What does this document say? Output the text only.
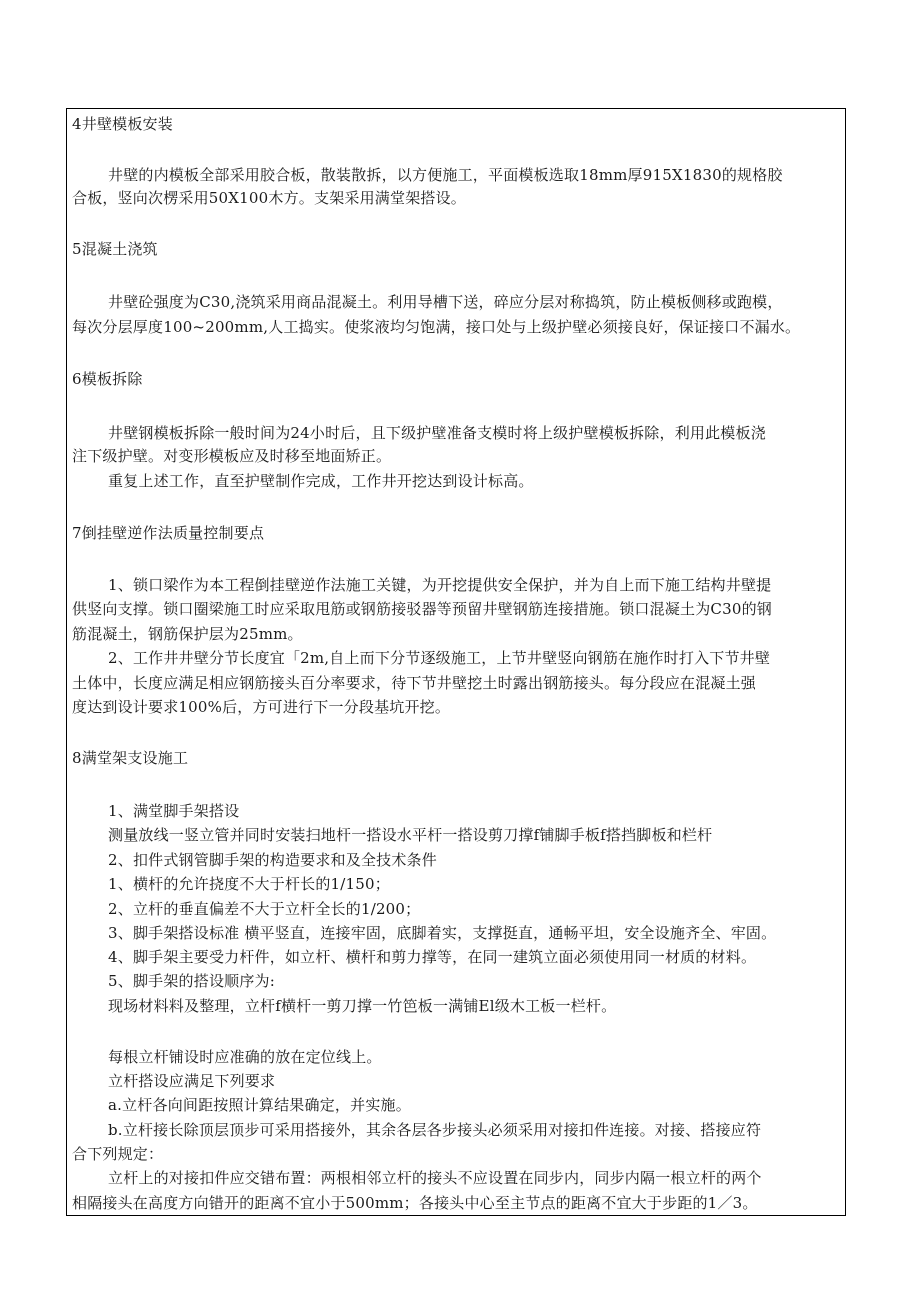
4井壁模板安装
井壁的内模板全部采用胶合板，散装散拆，以方便施工，平面模板选取18mm厚915X1830的规格胶
合板，竖向次楞采用50X100木方。支架采用满堂架搭设。
5混凝土浇筑
井壁砼强度为C30,浇筑采用商品混凝土。利用导槽下送，碎应分层对称捣筑，防止模板侧移或跑模，
每次分层厚度100~200mm,人工捣实。使浆液均匀饱满，接口处与上级护壁必须接良好，保证接口不漏水。
6模板拆除
井壁钢模板拆除一般时间为24小时后，且下级护壁准备支模时将上级护壁模板拆除，利用此模板浇
注下级护壁。对变形模板应及时移至地面矫正。
重复上述工作，直至护壁制作完成，工作井开挖达到设计标高。
7倒挂壁逆作法质量控制要点
1、锁口梁作为本工程倒挂壁逆作法施工关键，为开挖提供安全保护，并为自上而下施工结构井壁提
供竖向支撑。锁口圈梁施工时应采取甩筋或钢筋接驳器等预留井壁钢筋连接措施。锁口混凝土为C30的钢
筋混凝土，钢筋保护层为25mm。
2、工作井井壁分节长度宜「2m,自上而下分节逐级施工，上节井壁竖向钢筋在施作时打入下节井壁
土体中，长度应满足相应钢筋接头百分率要求，待下节井壁挖土时露出钢筋接头。每分段应在混凝土强
度达到设计要求100%后，方可进行下一分段基坑开挖。
8满堂架支设施工
1、满堂脚手架搭设
测量放线一竖立管并同时安装扫地杆一搭设水平杆一搭设剪刀撑f铺脚手板f搭挡脚板和栏杆
2、扣件式钢管脚手架的构造要求和及全技术条件
1、横杆的允许挠度不大于杆长的1/150；
2、立杆的垂直偏差不大于立杆全长的1/200；
3、脚手架搭设标准 横平竖直，连接牢固，底脚着实，支撑挺直，通畅平坦，安全设施齐全、牢固。
4、脚手架主要受力杆件，如立杆、横杆和剪力撑等，在同一建筑立面必须使用同一材质的材料。
5、脚手架的搭设顺序为:
现场材料料及整理，立杆f横杆一剪刀撑一竹笆板一满铺El级木工板一栏杆。
每根立杆铺设时应准确的放在定位线上。
立杆搭设应满足下列要求
a.立杆各向间距按照计算结果确定，并实施。
b.立杆接长除顶层顶步可采用搭接外，其余各层各步接头必须采用对接扣件连接。对接、搭接应符
合下列规定：
立杆上的对接扣件应交错布置：两根相邻立杆的接头不应设置在同步内，同步内隔一根立杆的两个
相隔接头在高度方向错开的距离不宜小于500mm；各接头中心至主节点的距离不宜大于步距的1／3。
